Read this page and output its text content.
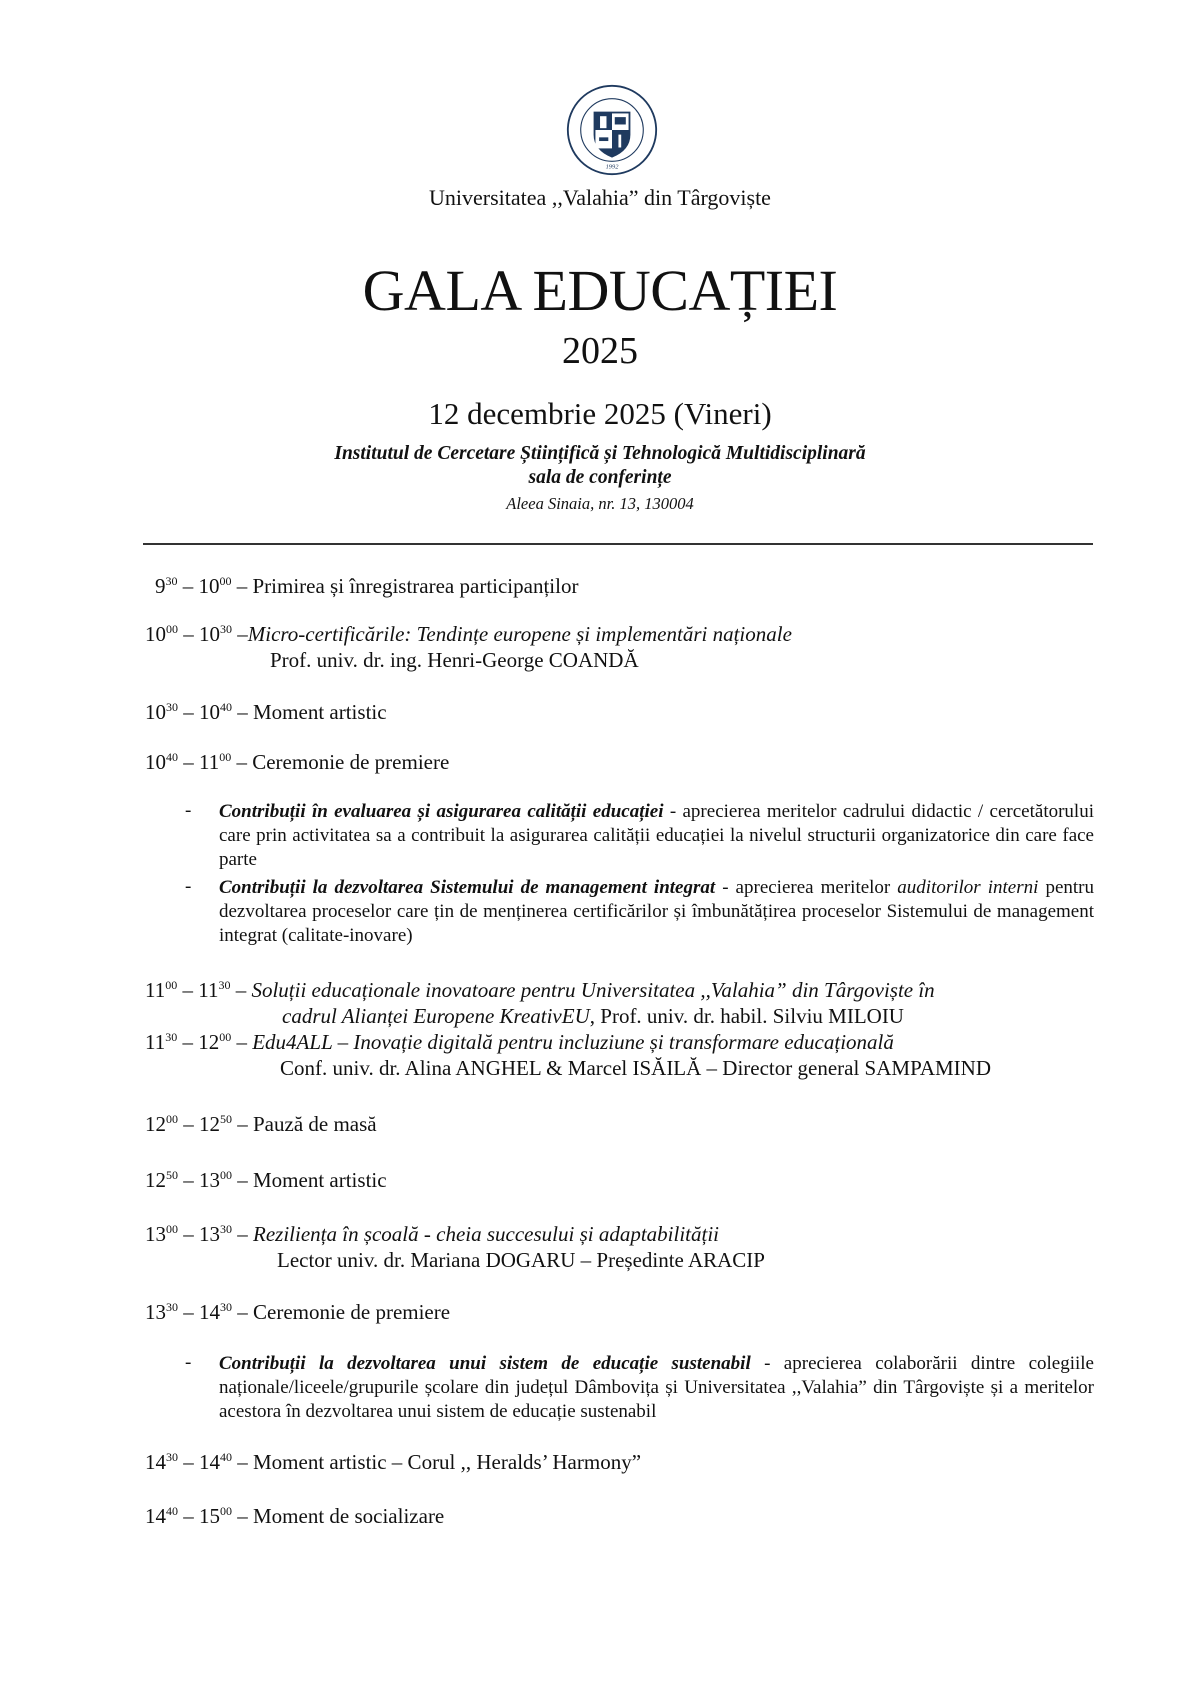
1992
Universitatea ,,Valahia” din Târgoviște
GALA EDUCAȚIEI
2025
12 decembrie 2025 (Vineri)
Institutul de Cercetare Științifică și Tehnologică Multidisciplinară
sala de conferințe
Aleea Sinaia, nr. 13, 130004
$9^{30} - 10^{00}$ – Primirea și înregistrarea participanților
$10^{00} - 10^{30}$ –Micro-certificările: Tendințe europene și implementări naționale
Prof. univ. dr. ing. Henri-George COANDĂ
$10^{30} - 10^{40}$ – Moment artistic
$10^{40} - 11^{00}$ – Ceremonie de premiere
- Contribuții în evaluarea și asigurarea calității educației - aprecierea meritelor cadrului didactic / cercetătorului care prin activitatea sa a contribuit la asigurarea calității educației la nivelul structurii organizatorice din care face parte
- Contribuții la dezvoltarea Sistemului de management integrat - aprecierea meritelor auditorilor interni pentru dezvoltarea proceselor care țin de menținerea certificărilor și îmbunătățirea proceselor Sistemului de management integrat (calitate-inovare)
$11^{00} - 11^{30}$ – Soluții educaționale inovatoare pentru Universitatea ,,Valahia” din Târgoviște în
cadrul Alianței Europene KreativEU, Prof. univ. dr. habil. Silviu MILOIU
$11^{30} - 12^{00} - Edu4ALL$ – Inovație digitală pentru incluziune și transformare educațională
Conf. univ. dr. Alina ANGHEL & Marcel ISĂILĂ – Director general SAMPAMIND
$12^{00} - 12^{50}$ – Pauză de masă
$12^{50} - 13^{00}$ – Moment artistic
$13^{00} - 13^{30}$ – Reziliența în școală - cheia succesului și adaptabilității
Lector univ. dr. Mariana DOGARU – Președinte ARACIP
$13^{30} - 14^{30}$ – Ceremonie de premiere
- Contribuții la dezvoltarea unui sistem de educație sustenabil - aprecierea colaborării dintre colegiile naționale/liceele/grupurile școlare din județul Dâmbovița și Universitatea ,,Valahia” din Târgoviște și a meritelor acestora în dezvoltarea unui sistem de educație sustenabil
$14^{30} - 14^{40}$ – Moment artistic – Corul ,, Heralds’ Harmony”
$14^{40} - 15^{00}$ – Moment de socializare
